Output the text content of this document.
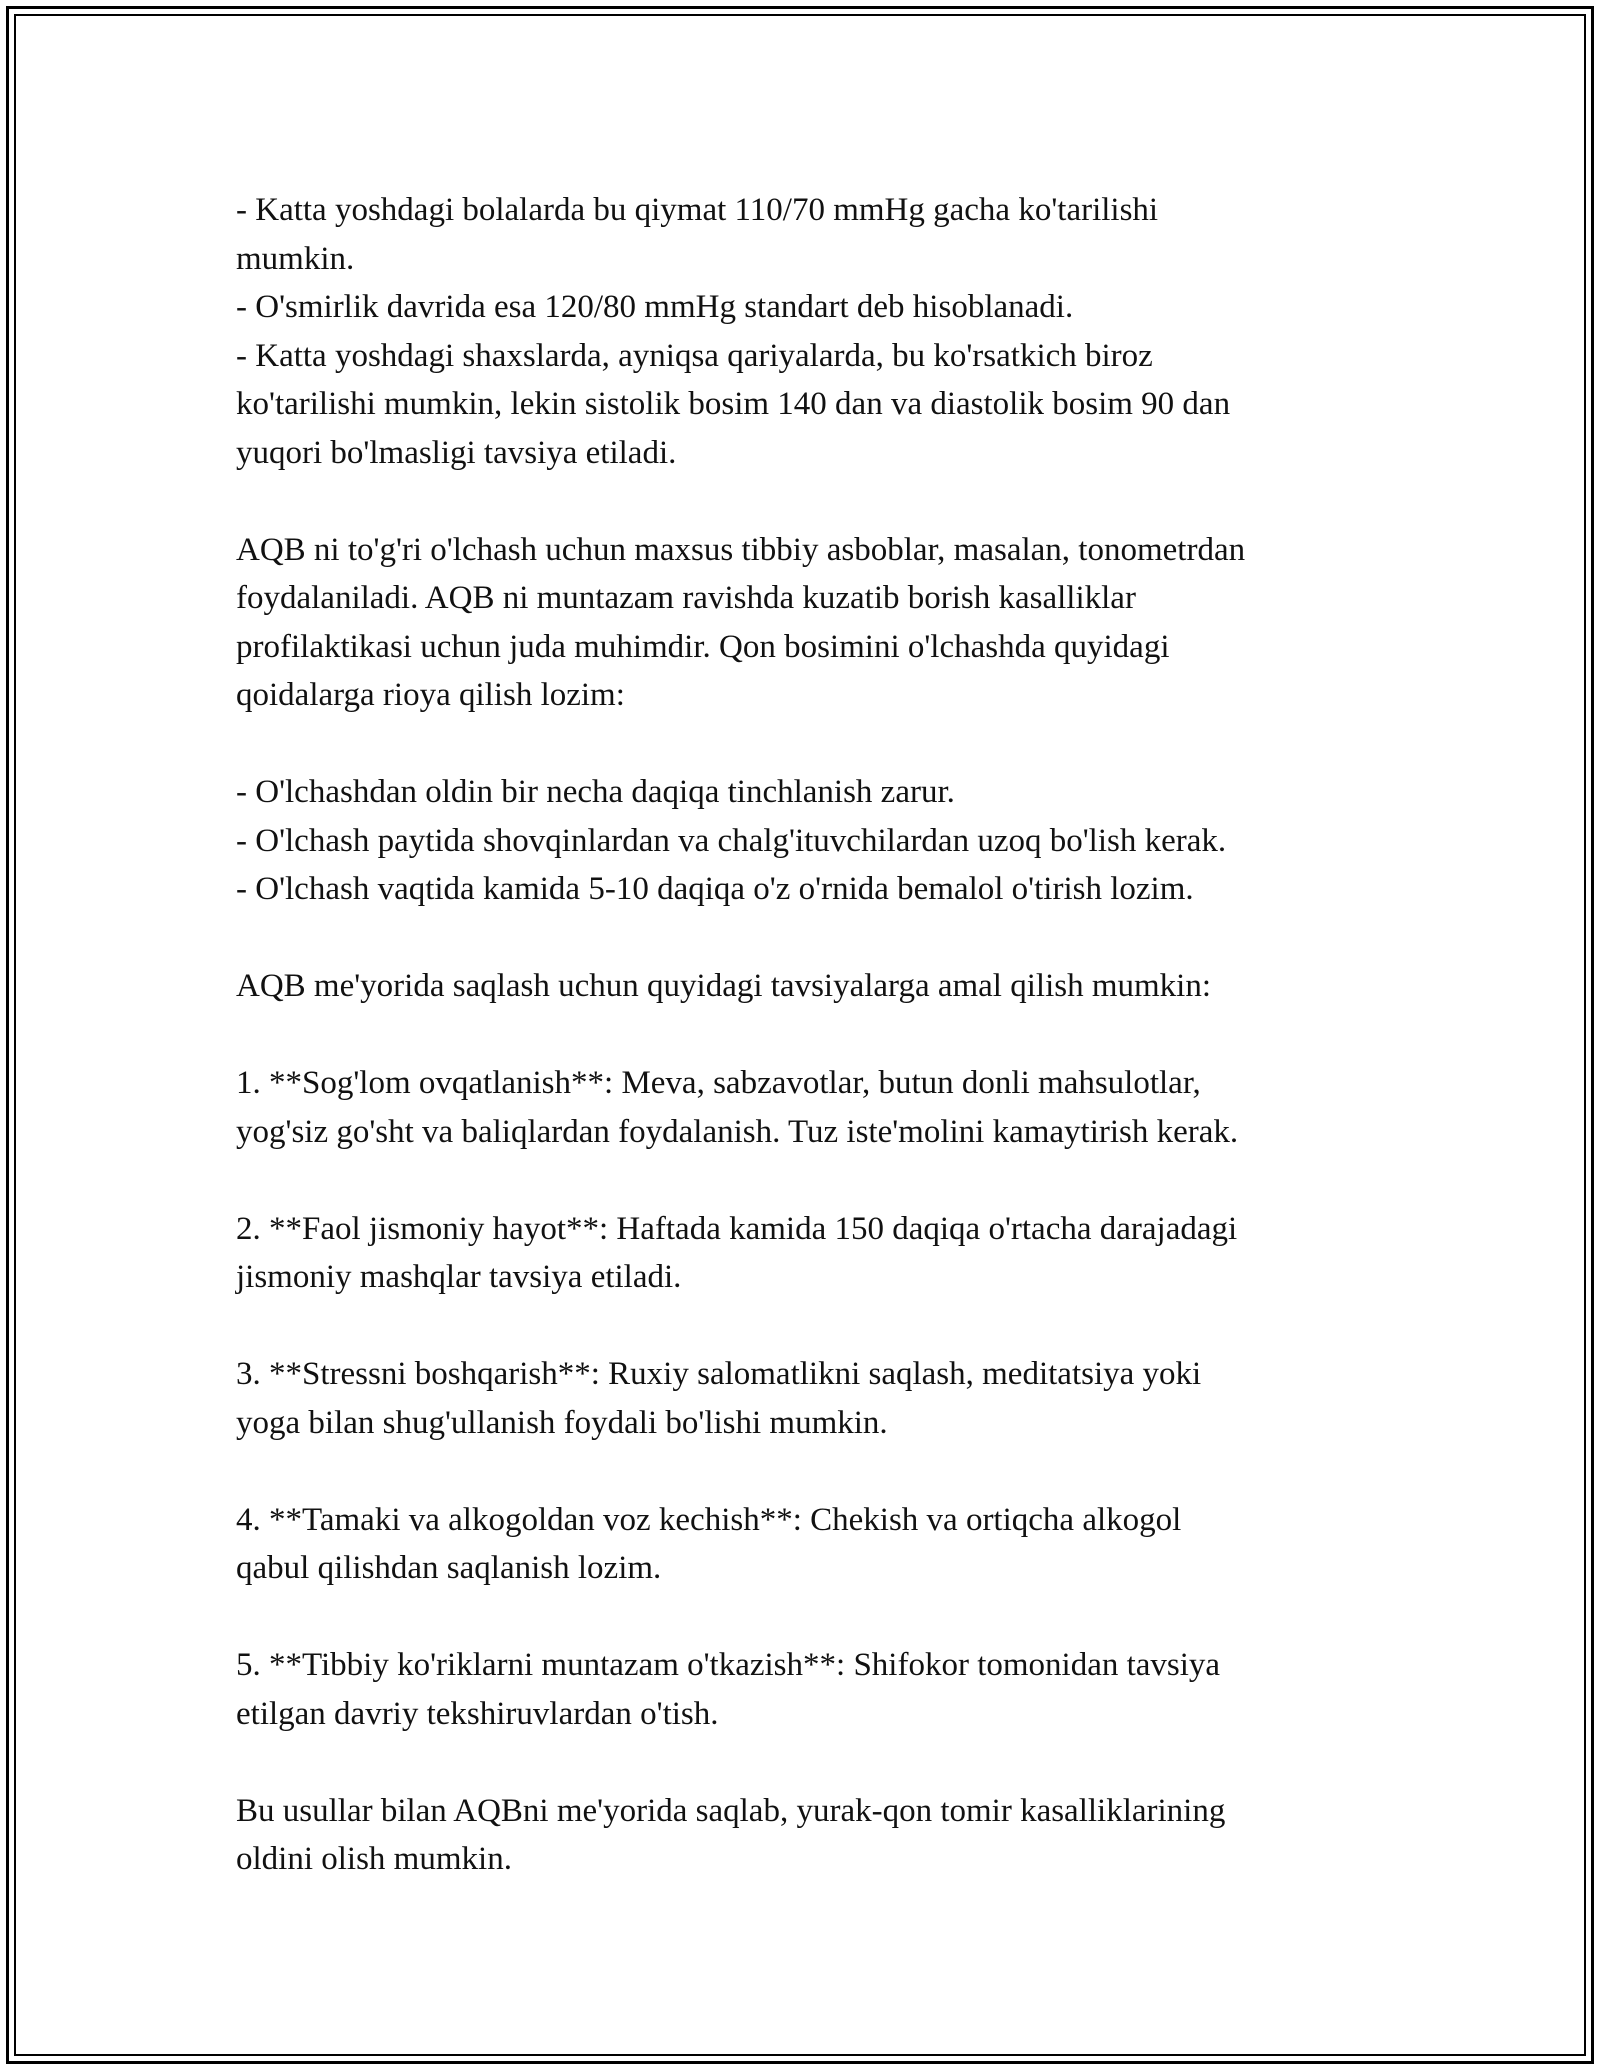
- Katta yoshdagi bolalarda bu qiymat 110/70 mmHg gacha ko'tarilishi
mumkin.
- O'smirlik davrida esa 120/80 mmHg standart deb hisoblanadi.
- Katta yoshdagi shaxslarda, ayniqsa qariyalarda, bu ko'rsatkich biroz
ko'tarilishi mumkin, lekin sistolik bosim 140 dan va diastolik bosim 90 dan
yuqori bo'lmasligi tavsiya etiladi.
AQB ni to'g'ri o'lchash uchun maxsus tibbiy asboblar, masalan, tonometrdan
foydalaniladi. AQB ni muntazam ravishda kuzatib borish kasalliklar
profilaktikasi uchun juda muhimdir. Qon bosimini o'lchashda quyidagi
qoidalarga rioya qilish lozim:
- O'lchashdan oldin bir necha daqiqa tinchlanish zarur.
- O'lchash paytida shovqinlardan va chalg'ituvchilardan uzoq bo'lish kerak.
- O'lchash vaqtida kamida 5-10 daqiqa o'z o'rnida bemalol o'tirish lozim.
AQB me'yorida saqlash uchun quyidagi tavsiyalarga amal qilish mumkin:
1. **Sog'lom ovqatlanish**: Meva, sabzavotlar, butun donli mahsulotlar,
yog'siz go'sht va baliqlardan foydalanish. Tuz iste'molini kamaytirish kerak.
2. **Faol jismoniy hayot**: Haftada kamida 150 daqiqa o'rtacha darajadagi
jismoniy mashqlar tavsiya etiladi.
3. **Stressni boshqarish**: Ruxiy salomatlikni saqlash, meditatsiya yoki
yoga bilan shug'ullanish foydali bo'lishi mumkin.
4. **Tamaki va alkogoldan voz kechish**: Chekish va ortiqcha alkogol
qabul qilishdan saqlanish lozim.
5. **Tibbiy ko'riklarni muntazam o'tkazish**: Shifokor tomonidan tavsiya
etilgan davriy tekshiruvlardan o'tish.
Bu usullar bilan AQBni me'yorida saqlab, yurak-qon tomir kasalliklarining
oldini olish mumkin.
